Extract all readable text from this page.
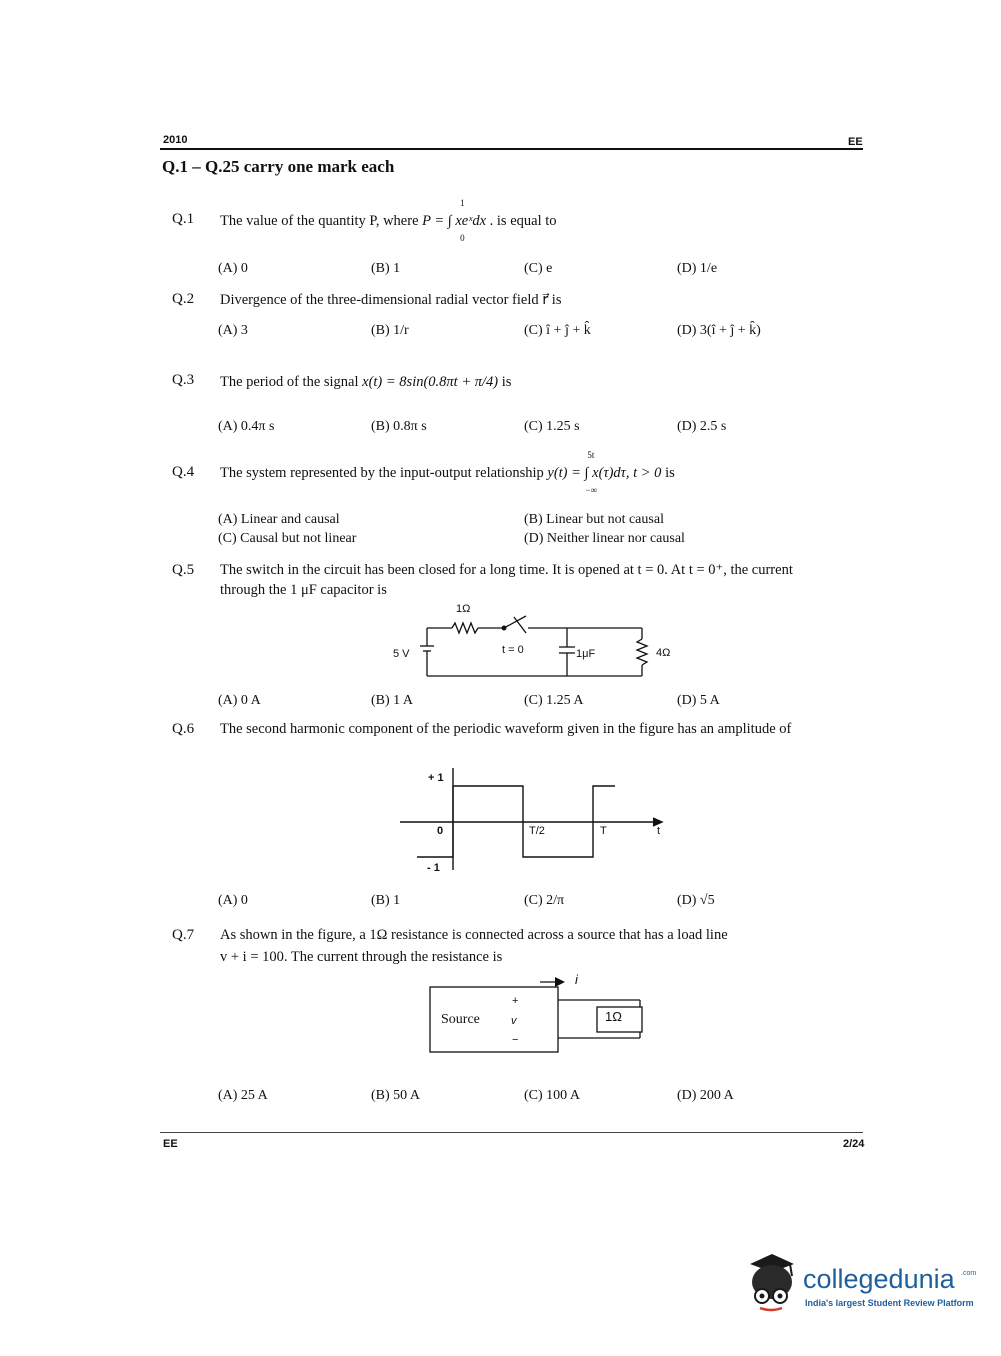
2010	EE
Q.1 – Q.25 carry one mark each
Q.1 The value of the quantity P, where P = ∫ xeˣdx
1
0
. is equal to
(A) 0	(B) 1	(C) e	(D) 1/e
Q.2 Divergence of the three-dimensional radial vector field r⃗ is
(A) 3	(B) 1/r	(C) î + ĵ + k̂	(D) 3(î + ĵ + k̂)
Q.3 The period of the signal x(t) = 8sin(0.8πt + π/4) is
(A) 0.4π s	(B) 0.8π s	(C) 1.25 s	(D) 2.5 s
Q.4 The system represented by the input-output relationship y(t) = ∫ x(τ)dτ, t > 0
5t
−∞
is
(A) Linear and causal	(B) Linear but not causal
(C) Causal but not linear	(D) Neither linear nor causal
Q.5 The switch in the circuit has been closed for a long time. It is opened at t = 0. At t = 0⁺, the current
through the 1 μF capacitor is
1Ω
5 V	t = 0	1μF	4Ω
(A) 0 A	(B) 1 A	(C) 1.25 A	(D) 5 A
Q.6 The second harmonic component of the periodic waveform given in the figure has an amplitude of
+ 1
0	T/2	T	t
- 1
(A) 0	(B) 1	(C) 2/π	(D) √5
Q.7 As shown in the figure, a 1Ω resistance is connected across a source that has a load line
v + i = 100. The current through the resistance is
Source
+
v
−
i
1Ω
(A) 25 A	(B) 50 A	(C) 100 A	(D) 200 A
EE	2/24
collegedunia .com
India's largest Student Review Platform
